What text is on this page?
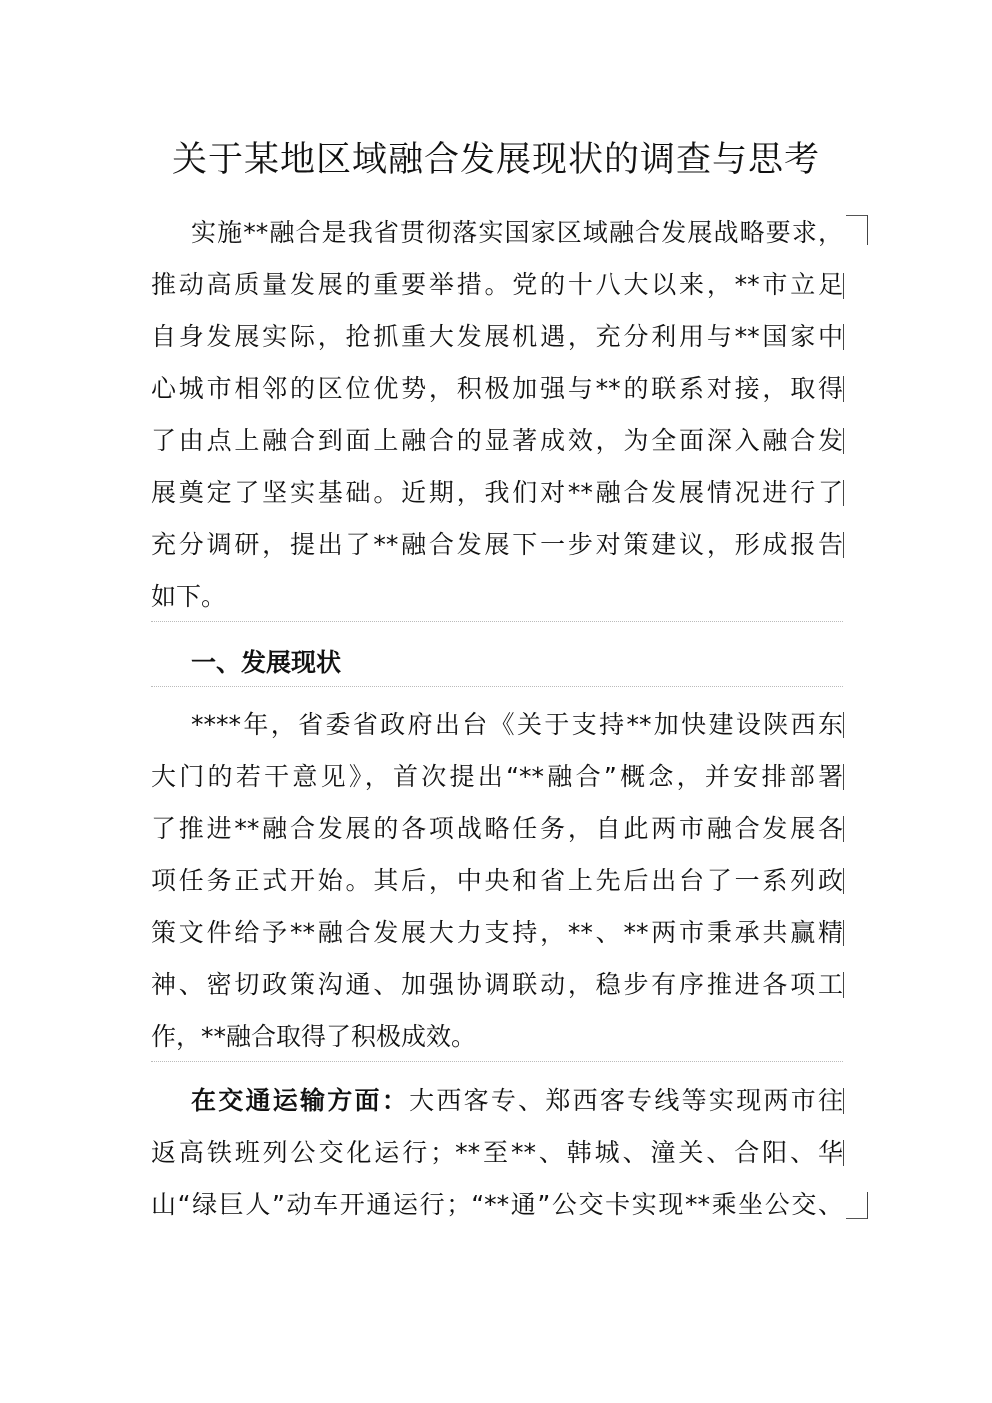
关于某地区域融合发展现状的调查与思考
实施**融合是我省贯彻落实国家区域融合发展战略要求，
推动高质量发展的重要举措。党的十八大以来，**市立足
自身发展实际，抢抓重大发展机遇，充分利用与**国家中
心城市相邻的区位优势，积极加强与**的联系对接，取得
了由点上融合到面上融合的显著成效，为全面深入融合发
展奠定了坚实基础。近期，我们对**融合发展情况进行了
充分调研，提出了**融合发展下一步对策建议，形成报告
如下。
一、发展现状
****年，省委省政府出台《关于支持**加快建设陕西东
大门的若干意见》，首次提出“**融合”概念，并安排部署
了推进**融合发展的各项战略任务，自此两市融合发展各
项任务正式开始。其后，中央和省上先后出台了一系列政
策文件给予**融合发展大力支持，**、**两市秉承共赢精
神、密切政策沟通、加强协调联动，稳步有序推进各项工
作，**融合取得了积极成效。
在交通运输方面：大西客专、郑西客专线等实现两市往
返高铁班列公交化运行；**至**、韩城、潼关、合阳、华
山“绿巨人”动车开通运行；“**通”公交卡实现**乘坐公交、
